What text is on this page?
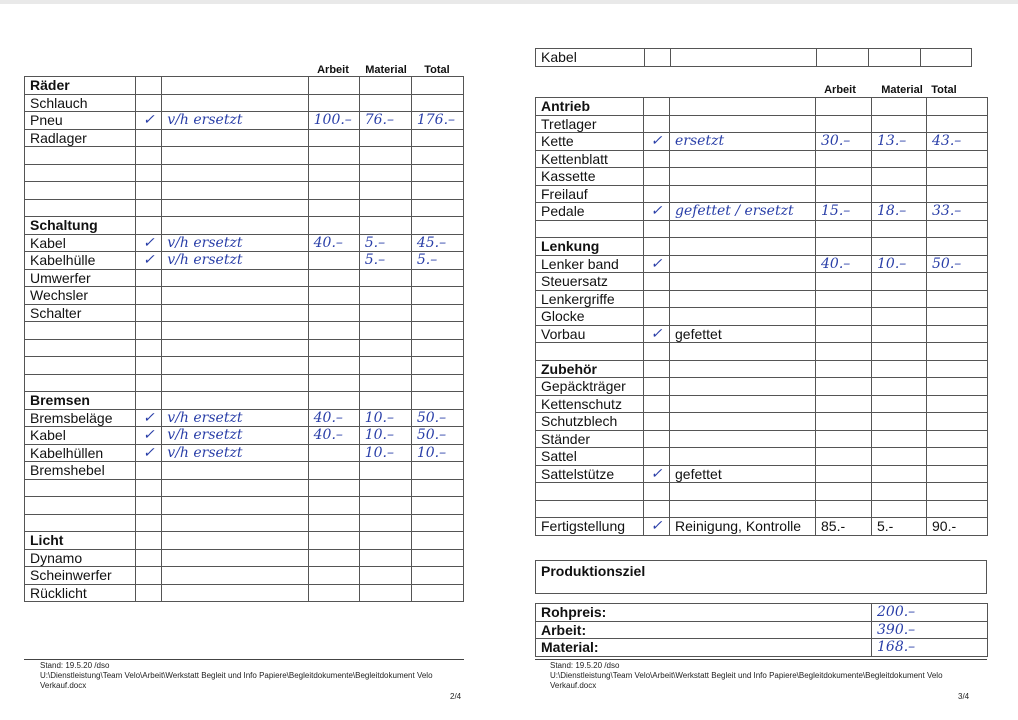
Arbeit	Material	Total
Räder					
Schlauch					
Pneu	✓	v/h ersetzt	100.–	76.–	176.–
Radlager					

Schaltung					
Kabel	✓	v/h ersetzt	40.–	5.–	45.–
Kabelhülle	✓	v/h ersetzt		5.–	5.–
Umwerfer					
Wechsler					
Schalter					

Bremsen					
Bremsbeläge	✓	v/h ersetzt	40.–	10.–	50.–
Kabel	✓	v/h ersetzt	40.–	10.–	50.–
Kabelhüllen	✓	v/h ersetzt		10.–	10.–
Bremshebel					

Licht					
Dynamo					
Scheinwerfer					
Rücklicht					
Stand: 19.5.20 /dso
U:\Dienstleistung\Team Velo\Arbeit\Werkstatt Begleit und Info Papiere\Begleitdokumente\Begleitdokument Velo
Verkauf.docx
2/4
Kabel					
Arbeit	Material Total
Antrieb					
Tretlager					
Kette	✓	ersetzt	30.–	13.–	43.–
Kettenblatt					
Kassette					
Freilauf					
Pedale	✓	gefettet / ersetzt	15.–	18.–	33.–

Lenkung					
Lenker band	✓		40.–	10.–	50.–
Steuersatz					
Lenkergriffe					
Glocke					
Vorbau	✓	gefettet			

Zubehör					
Gepäckträger					
Kettenschutz					
Schutzblech					
Ständer					
Sattel					
Sattelstütze	✓	gefettet			

Fertigstellung	✓	Reinigung, Kontrolle	85.-	5.-	90.-
Produktionsziel
Rohpreis:	200.–
Arbeit:	390.–
Material:	168.–
Stand: 19.5.20 /dso
U:\Dienstleistung\Team Velo\Arbeit\Werkstatt Begleit und Info Papiere\Begleitdokumente\Begleitdokument Velo
Verkauf.docx
3/4
